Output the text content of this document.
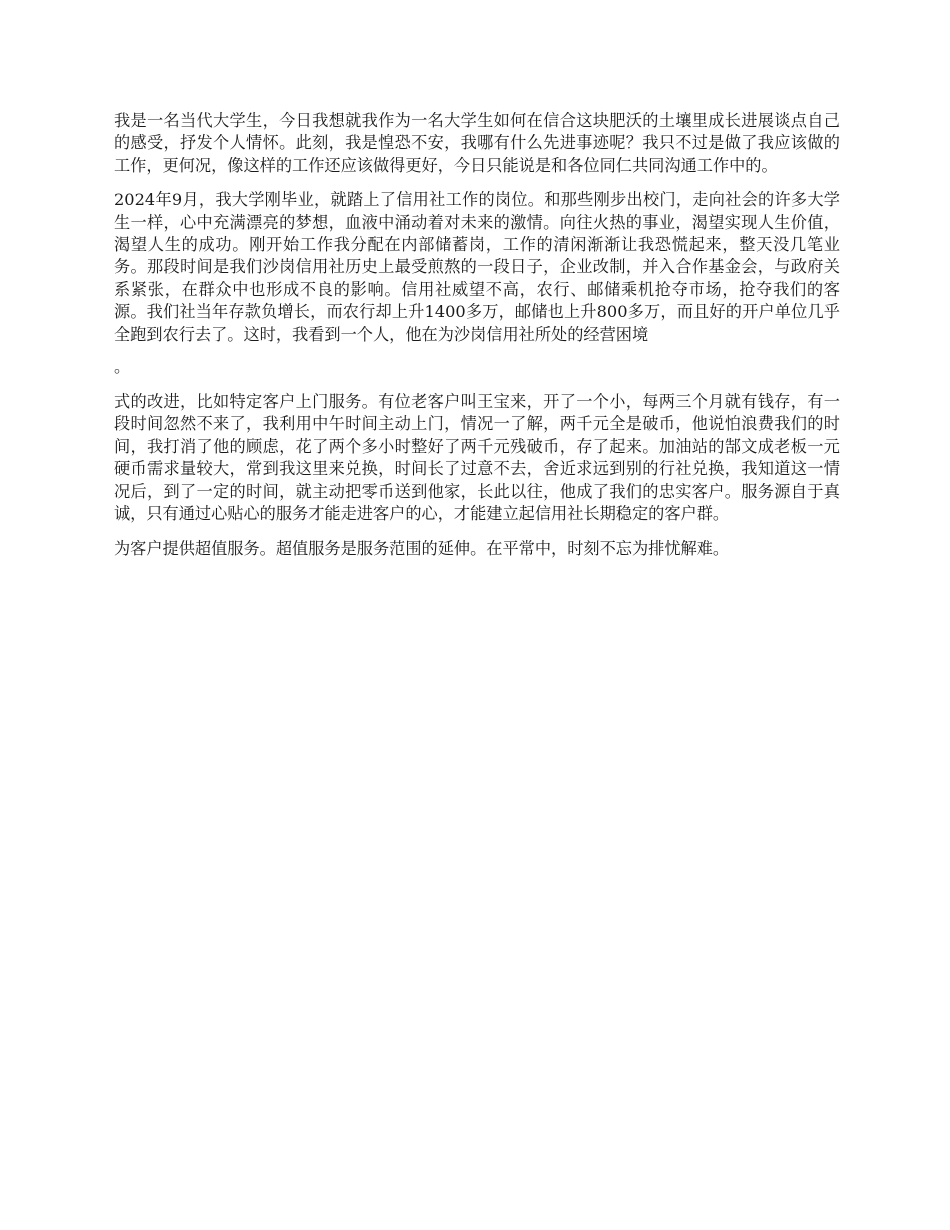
我是一名当代大学生，今日我想就我作为一名大学生如何在信合这块肥沃的土壤里成长进展谈点自己的感受，抒发个人情怀。此刻，我是惶恐不安，我哪有什么先进事迹呢？我只不过是做了我应该做的工作，更何况，像这样的工作还应该做得更好，今日只能说是和各位同仁共同沟通工作中的。

2024年9月，我大学刚毕业，就踏上了信用社工作的岗位。和那些刚步出校门，走向社会的许多大学生一样，心中充满漂亮的梦想，血液中涌动着对未来的激情。向往火热的事业，渴望实现人生价值，渴望人生的成功。刚开始工作我分配在内部储蓄岗，工作的清闲渐渐让我恐慌起来，整天没几笔业务。那段时间是我们沙岗信用社历史上最受煎熬的一段日子，企业改制，并入合作基金会，与政府关系紧张，在群众中也形成不良的影响。信用社威望不高，农行、邮储乘机抢夺市场，抢夺我们的客源。我们社当年存款负增长，而农行却上升1400多万，邮储也上升800多万，而且好的开户单位几乎全跑到农行去了。这时，我看到一个人，他在为沙岗信用社所处的经营困境

。

式的改进，比如特定客户上门服务。有位老客户叫王宝来，开了一个小，每两三个月就有钱存，有一段时间忽然不来了，我利用中午时间主动上门，情况一了解，两千元全是破币，他说怕浪费我们的时间，我打消了他的顾虑，花了两个多小时整好了两千元残破币，存了起来。加油站的郜文成老板一元硬币需求量较大，常到我这里来兑换，时间长了过意不去，舍近求远到别的行社兑换，我知道这一情况后，到了一定的时间，就主动把零币送到他家，长此以往，他成了我们的忠实客户。服务源自于真诚，只有通过心贴心的服务才能走进客户的心，才能建立起信用社长期稳定的客户群。

为客户提供超值服务。超值服务是服务范围的延伸。在平常中，时刻不忘为排忧解难。
